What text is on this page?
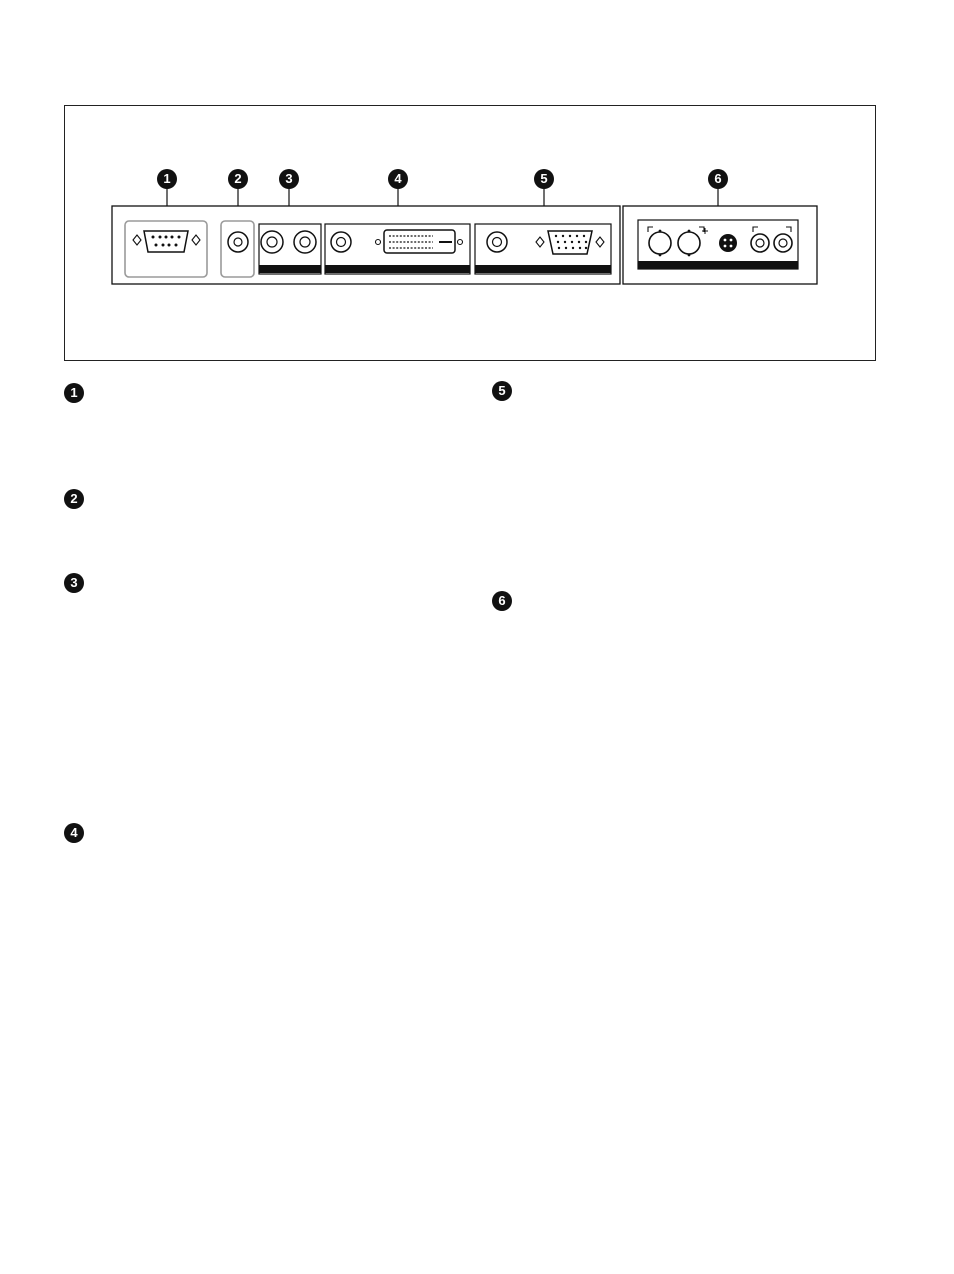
1	2	3	4	5	6
1
2
3
4
5
6
